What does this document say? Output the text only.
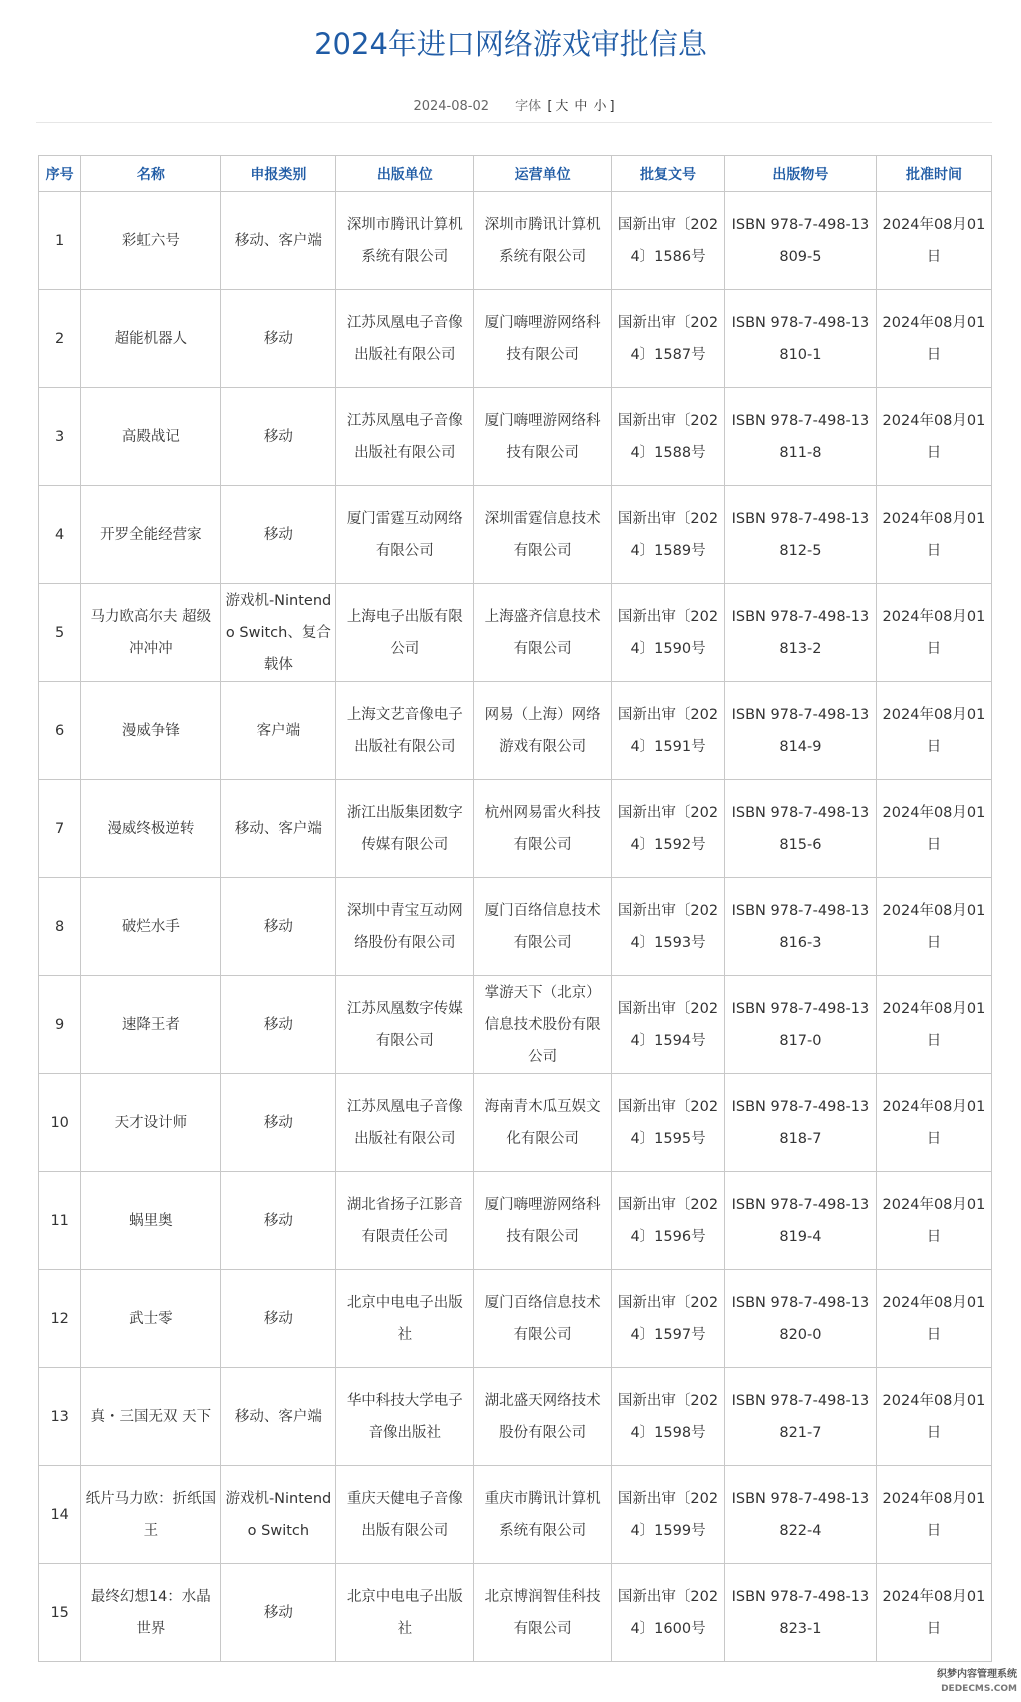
2024年进口网络游戏审批信息
2024-08-02 字体 [ 大 中 小 ]
序号	名称	申报类别	出版单位	运营单位	批复文号	出版物号	批准时间
1	彩虹六号	移动、客户端	深圳市腾讯计算机系统有限公司	深圳市腾讯计算机系统有限公司	国新出审〔2024〕1586号	ISBN 978-7-498-13809-5	2024年08月01日
2	超能机器人	移动	江苏凤凰电子音像出版社有限公司	厦门嗨哩游网络科技有限公司	国新出审〔2024〕1587号	ISBN 978-7-498-13810-1	2024年08月01日
3	高殿战记	移动	江苏凤凰电子音像出版社有限公司	厦门嗨哩游网络科技有限公司	国新出审〔2024〕1588号	ISBN 978-7-498-13811-8	2024年08月01日
4	开罗全能经营家	移动	厦门雷霆互动网络有限公司	深圳雷霆信息技术有限公司	国新出审〔2024〕1589号	ISBN 978-7-498-13812-5	2024年08月01日
5	马力欧高尔夫 超级冲冲冲	游戏机-Nintendo Switch、复合载体	上海电子出版有限公司	上海盛齐信息技术有限公司	国新出审〔2024〕1590号	ISBN 978-7-498-13813-2	2024年08月01日
6	漫威争锋	客户端	上海文艺音像电子出版社有限公司	网易（上海）网络游戏有限公司	国新出审〔2024〕1591号	ISBN 978-7-498-13814-9	2024年08月01日
7	漫威终极逆转	移动、客户端	浙江出版集团数字传媒有限公司	杭州网易雷火科技有限公司	国新出审〔2024〕1592号	ISBN 978-7-498-13815-6	2024年08月01日
8	破烂水手	移动	深圳中青宝互动网络股份有限公司	厦门百络信息技术有限公司	国新出审〔2024〕1593号	ISBN 978-7-498-13816-3	2024年08月01日
9	速降王者	移动	江苏凤凰数字传媒有限公司	掌游天下（北京）信息技术股份有限公司	国新出审〔2024〕1594号	ISBN 978-7-498-13817-0	2024年08月01日
10	天才设计师	移动	江苏凤凰电子音像出版社有限公司	海南青木瓜互娱文化有限公司	国新出审〔2024〕1595号	ISBN 978-7-498-13818-7	2024年08月01日
11	蜗里奥	移动	湖北省扬子江影音有限责任公司	厦门嗨哩游网络科技有限公司	国新出审〔2024〕1596号	ISBN 978-7-498-13819-4	2024年08月01日
12	武士零	移动	北京中电电子出版社	厦门百络信息技术有限公司	国新出审〔2024〕1597号	ISBN 978-7-498-13820-0	2024年08月01日
13	真・三国无双 天下	移动、客户端	华中科技大学电子音像出版社	湖北盛天网络技术股份有限公司	国新出审〔2024〕1598号	ISBN 978-7-498-13821-7	2024年08月01日
14	纸片马力欧：折纸国王	游戏机-Nintendo Switch	重庆天健电子音像出版有限公司	重庆市腾讯计算机系统有限公司	国新出审〔2024〕1599号	ISBN 978-7-498-13822-4	2024年08月01日
15	最终幻想14：水晶世界	移动	北京中电电子出版社	北京博润智佳科技有限公司	国新出审〔2024〕1600号	ISBN 978-7-498-13823-1	2024年08月01日
织梦内容管理系统
DEDECMS.COM
